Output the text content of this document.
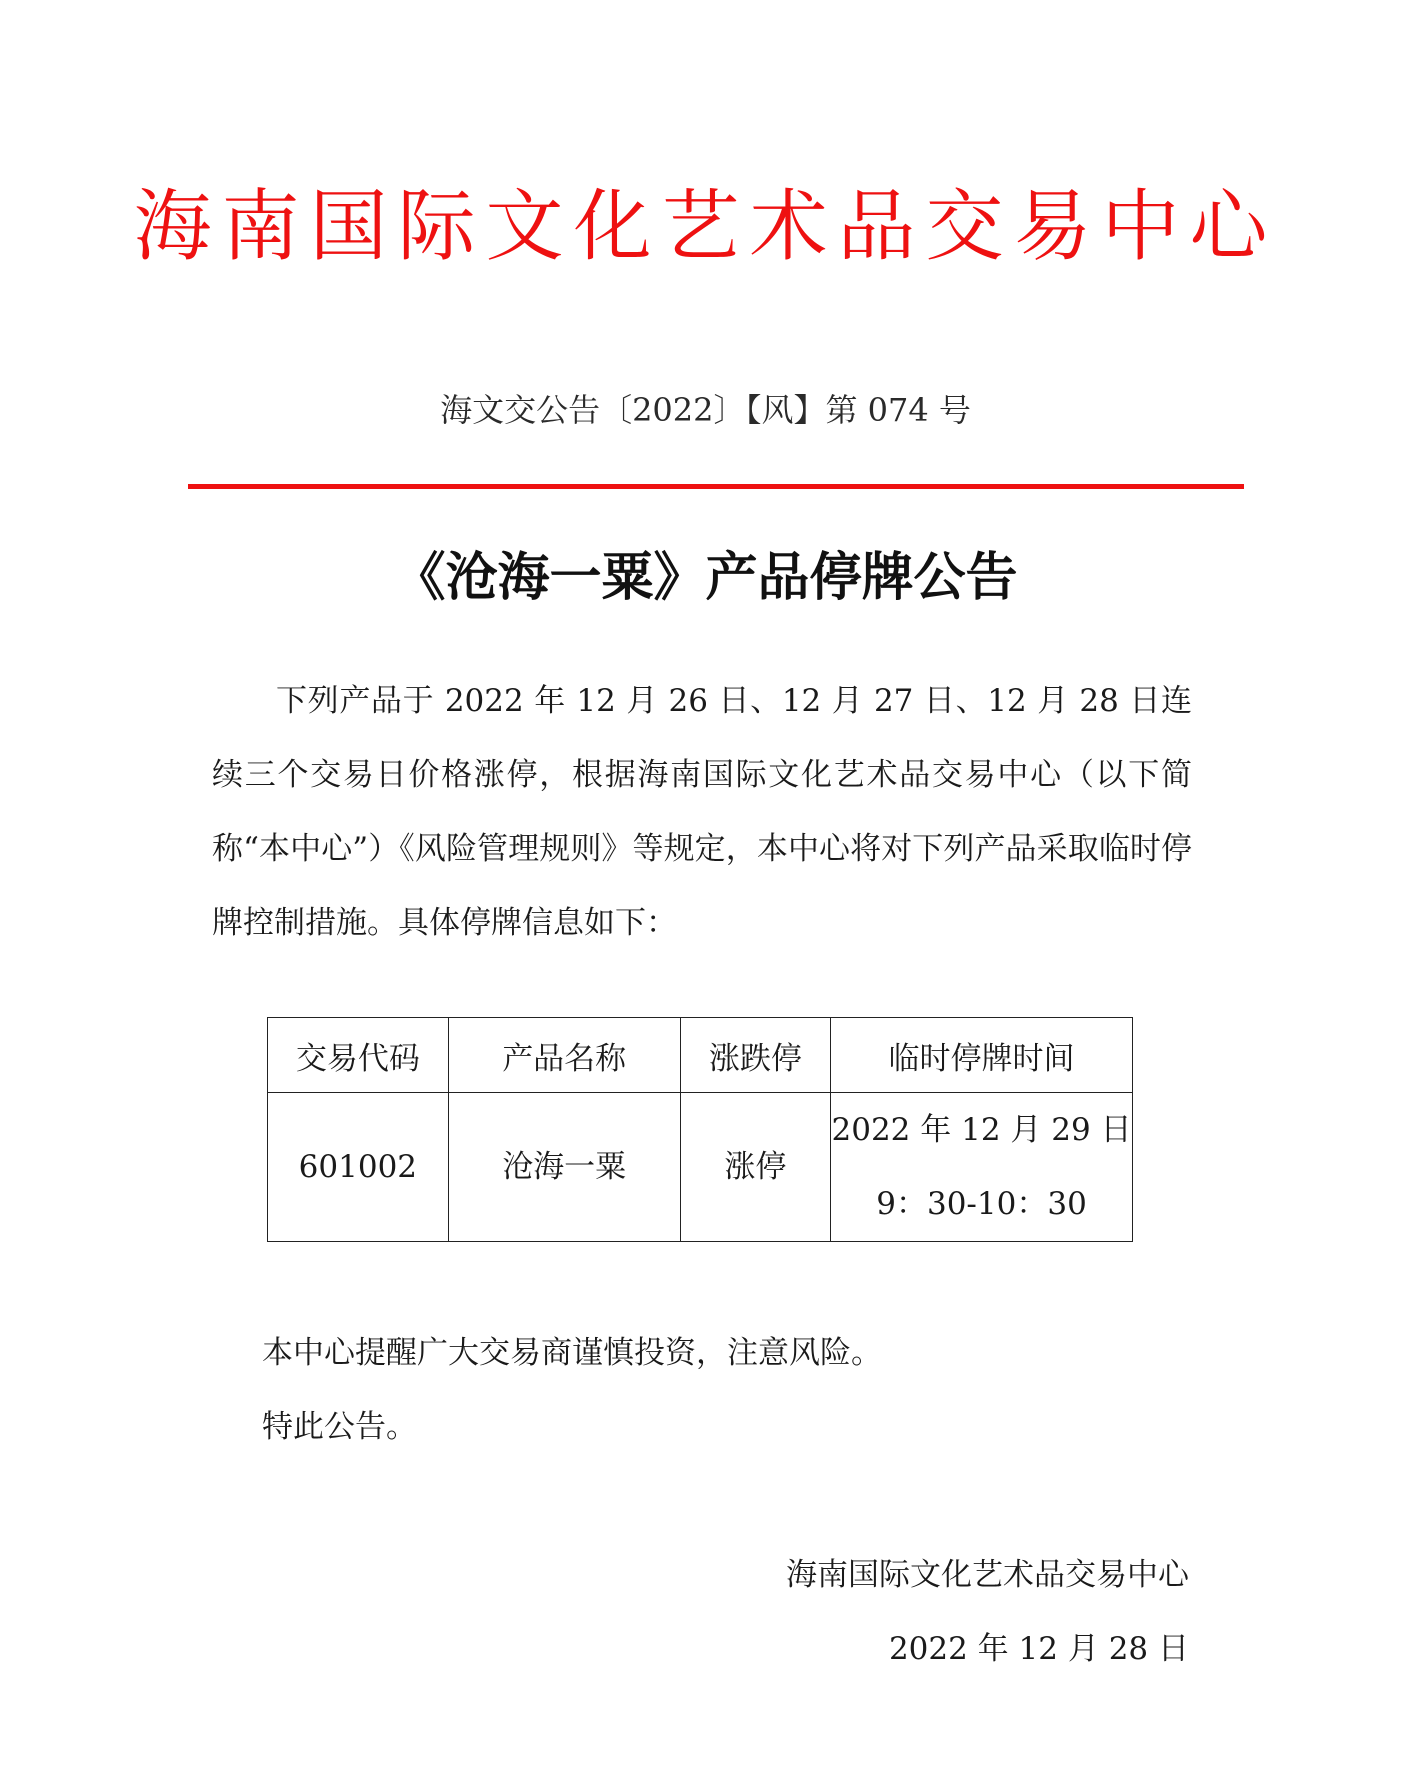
海南国际文化艺术品交易中心
海文交公告〔2022〕【风】第 074 号
《沧海一粟》产品停牌公告
下列产品于 2022 年 12 月 26 日、12 月 27 日、12 月 28 日连续三个交易日价格涨停，根据海南国际文化艺术品交易中心（以下简称“本中心”）《风险管理规则》等规定，本中心将对下列产品采取临时停牌控制措施。具体停牌信息如下：
交易代码	产品名称	涨跌停	临时停牌时间
601002	沧海一粟	涨停	2022 年 12 月 29 日
9：30-10：30
本中心提醒广大交易商谨慎投资，注意风险。
特此公告。
海南国际文化艺术品交易中心
2022 年 12 月 28 日
